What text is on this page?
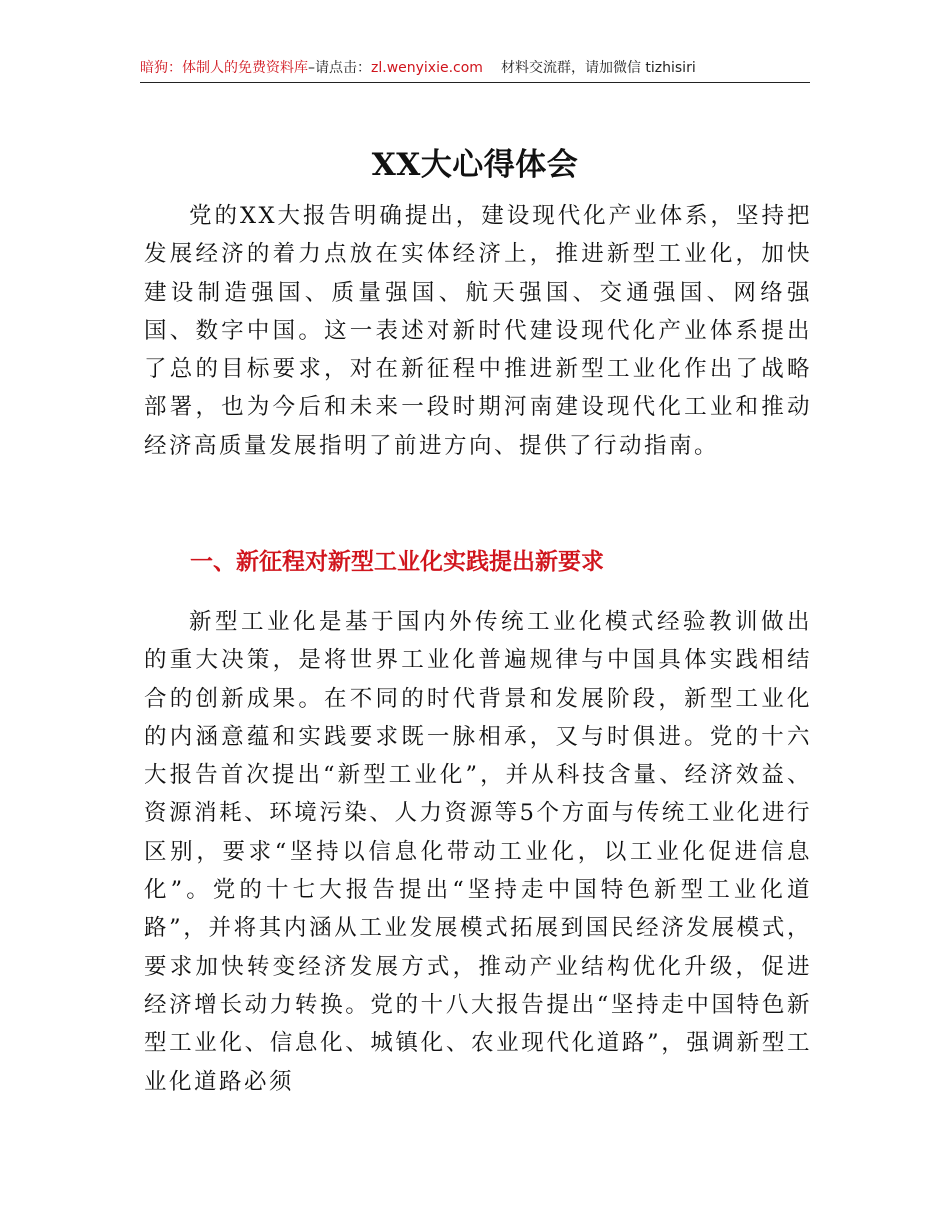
暗狗：体制人的免费资料库–请点击：zl.wenyixie.com 材料交流群，请加微信 tizhisiri
XX大心得体会

党的XX大报告明确提出，建设现代化产业体系，坚持把发展经济的着力点放在实体经济上，推进新型工业化，加快建设制造强国、质量强国、航天强国、交通强国、网络强国、数字中国。这一表述对新时代建设现代化产业体系提出了总的目标要求，对在新征程中推进新型工业化作出了战略部署，也为今后和未来一段时期河南建设现代化工业和推动经济高质量发展指明了前进方向、提供了行动指南。

一、新征程对新型工业化实践提出新要求

新型工业化是基于国内外传统工业化模式经验教训做出的重大决策，是将世界工业化普遍规律与中国具体实践相结合的创新成果。在不同的时代背景和发展阶段，新型工业化的内涵意蕴和实践要求既一脉相承，又与时俱进。党的十六大报告首次提出“新型工业化”，并从科技含量、经济效益、资源消耗、环境污染、人力资源等5个方面与传统工业化进行区别，要求“坚持以信息化带动工业化，以工业化促进信息化”。党的十七大报告提出“坚持走中国特色新型工业化道路”，并将其内涵从工业发展模式拓展到国民经济发展模式，要求加快转变经济发展方式，推动产业结构优化升级，促进经济增长动力转换。党的十八大报告提出“坚持走中国特色新型工业化、信息化、城镇化、农业现代化道路”，强调新型工业化道路必须
